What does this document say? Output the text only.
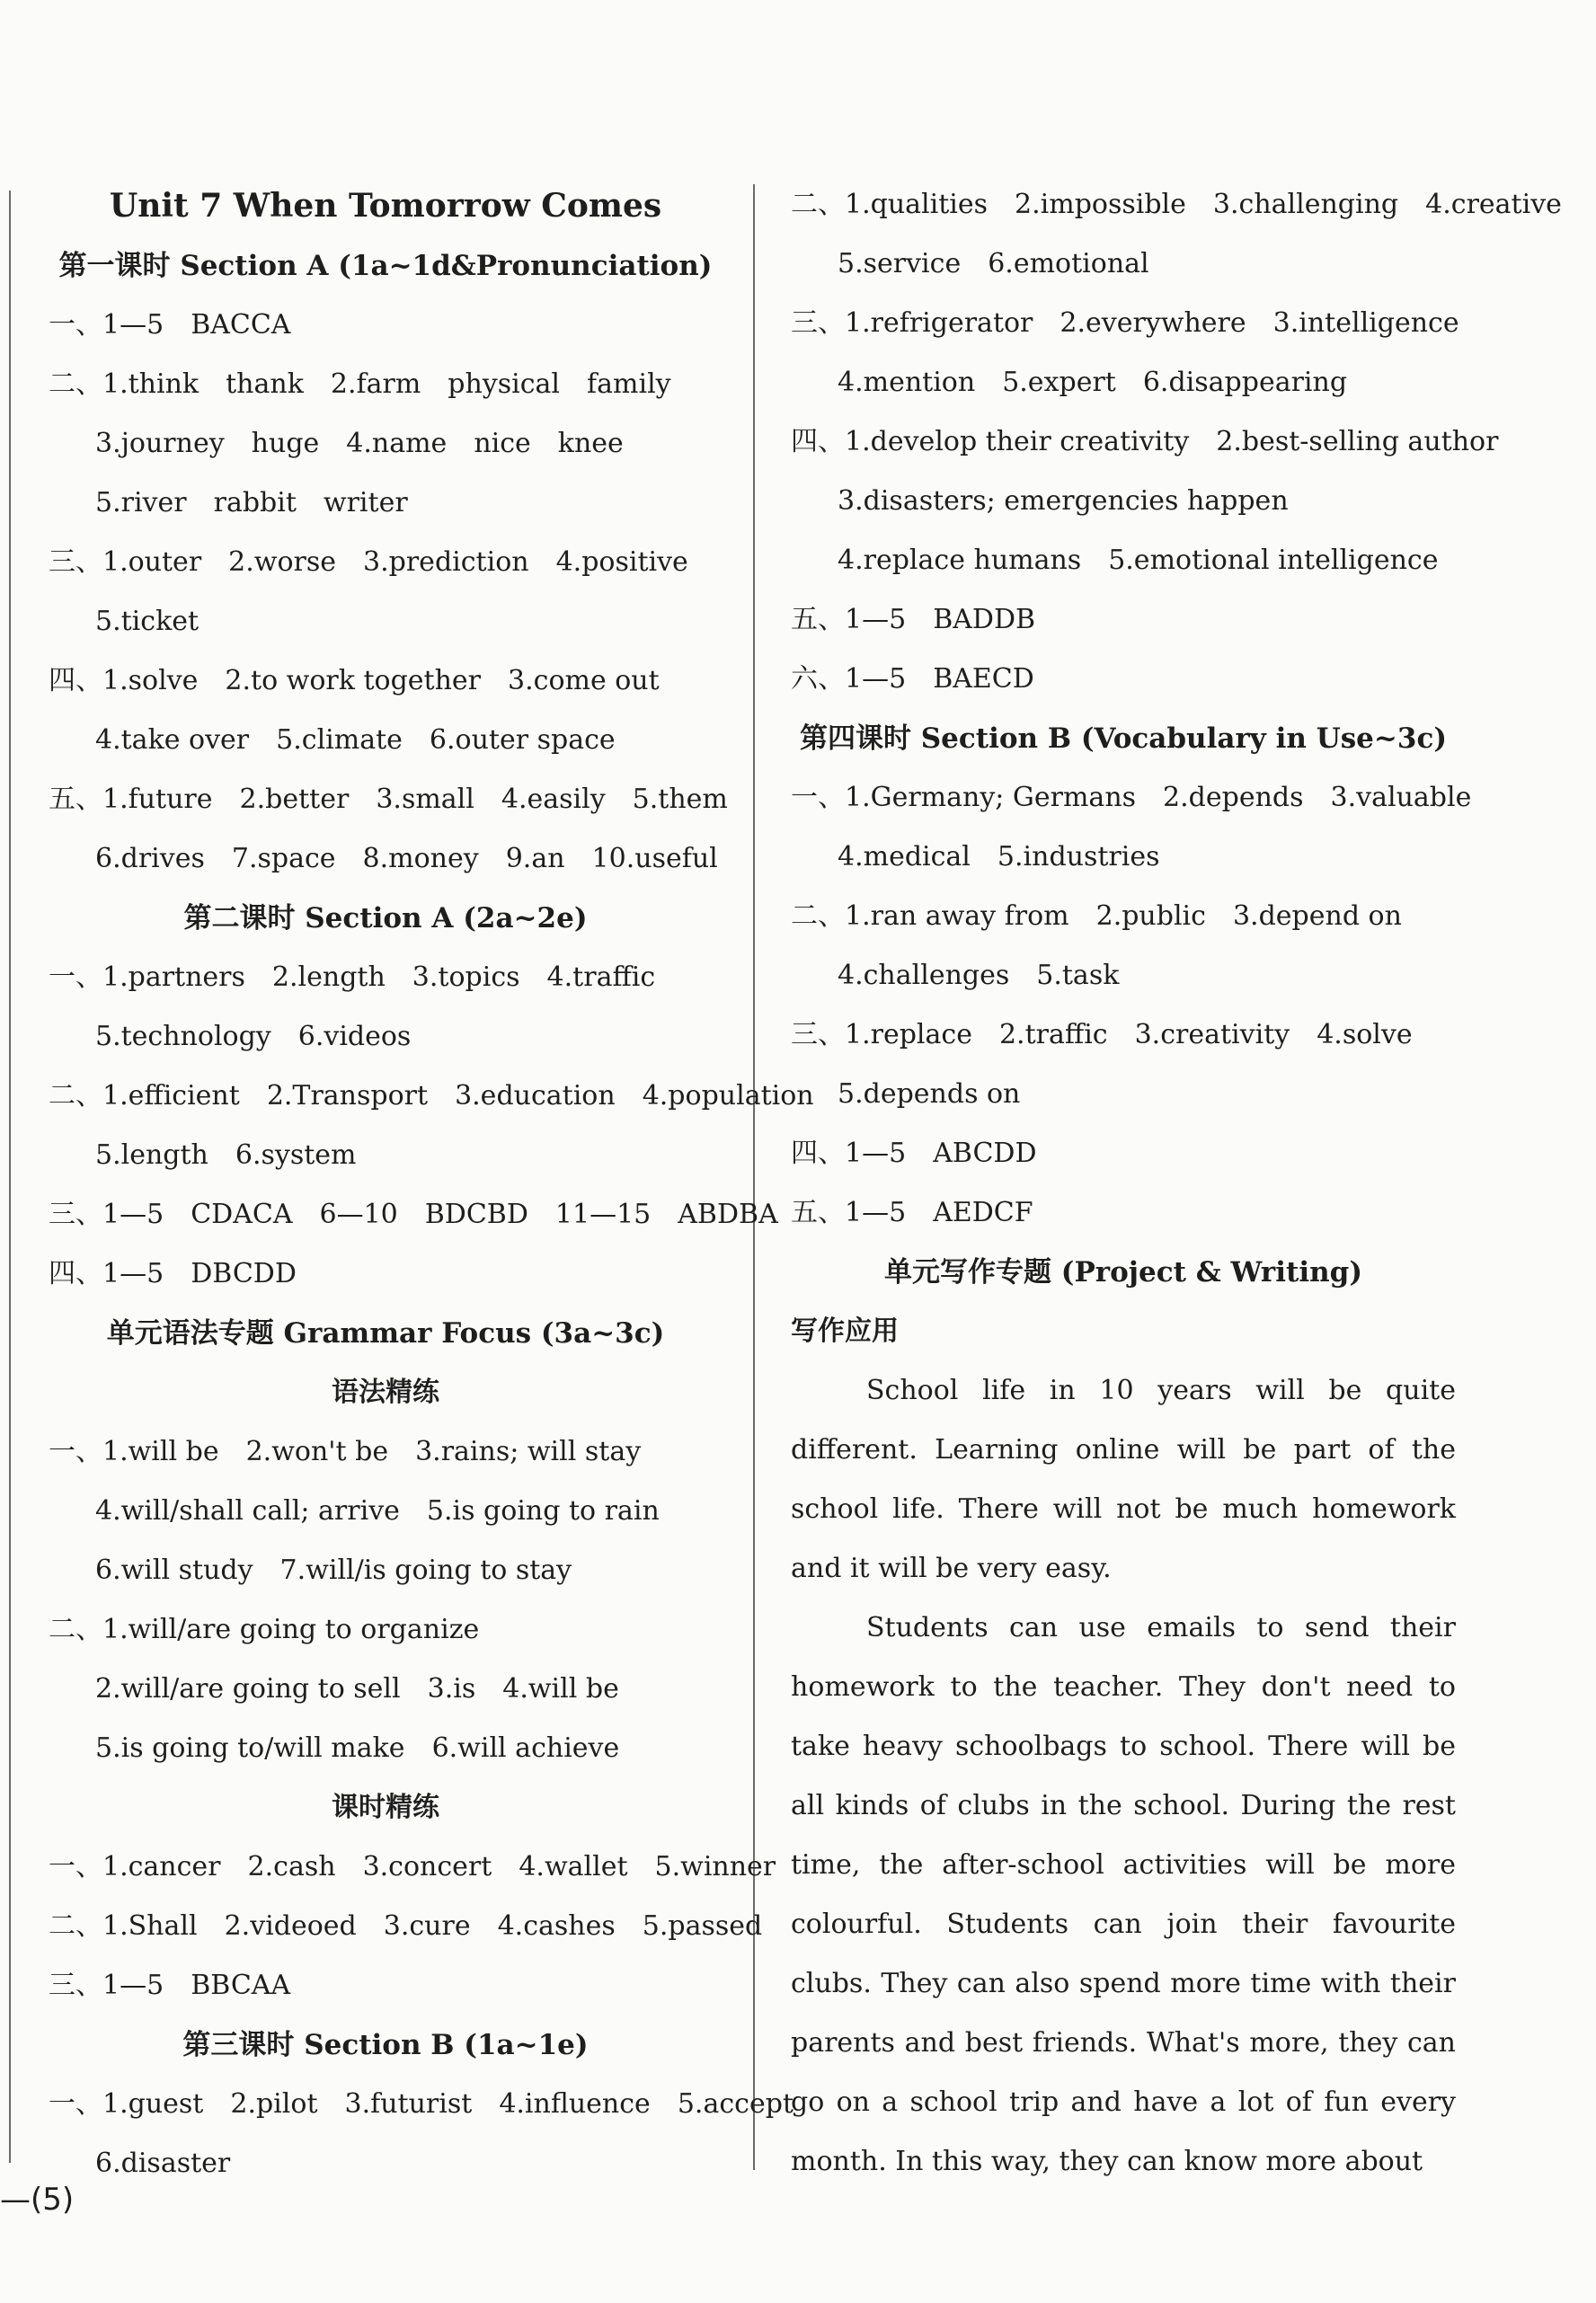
Unit 7 When Tomorrow Comes
第一课时 Section A (1a~1d&Pronunciation)
一、1—5 BACCA
二、1.think thank 2.farm physical family
3.journey huge 4.name nice knee
5.river rabbit writer
三、1.outer 2.worse 3.prediction 4.positive
5.ticket
四、1.solve 2.to work together 3.come out
4.take over 5.climate 6.outer space
五、1.future 2.better 3.small 4.easily 5.them
6.drives 7.space 8.money 9.an 10.useful
第二课时 Section A (2a~2e)
一、1.partners 2.length 3.topics 4.traffic
5.technology 6.videos
二、1.efficient 2.Transport 3.education 4.population
5.length 6.system
三、1—5 CDACA 6—10 BDCBD 11—15 ABDBA
四、1—5 DBCDD
单元语法专题 Grammar Focus (3a~3c)
语法精练
一、1.will be 2.won't be 3.rains; will stay
4.will/shall call; arrive 5.is going to rain
6.will study 7.will/is going to stay
二、1.will/are going to organize
2.will/are going to sell 3.is 4.will be
5.is going to/will make 6.will achieve
课时精练
一、1.cancer 2.cash 3.concert 4.wallet 5.winner
二、1.Shall 2.videoed 3.cure 4.cashes 5.passed
三、1—5 BBCAA
第三课时 Section B (1a~1e)
一、1.guest 2.pilot 3.futurist 4.influence 5.accept
6.disaster
二、1.qualities 2.impossible 3.challenging 4.creative
5.service 6.emotional
三、1.refrigerator 2.everywhere 3.intelligence
4.mention 5.expert 6.disappearing
四、1.develop their creativity 2.best-selling author
3.disasters; emergencies happen
4.replace humans 5.emotional intelligence
五、1—5 BADDB
六、1—5 BAECD
第四课时 Section B (Vocabulary in Use~3c)
一、1.Germany; Germans 2.depends 3.valuable
4.medical 5.industries
二、1.ran away from 2.public 3.depend on
4.challenges 5.task
三、1.replace 2.traffic 3.creativity 4.solve
5.depends on
四、1—5 ABCDD
五、1—5 AEDCF
单元写作专题 (Project & Writing)
写作应用

School life in 10 years will be quite different. Learning online will be part of the school life. There will not be much homework and it will be very easy.

Students can use emails to send their homework to the teacher. They don't need to take heavy schoolbags to school. There will be all kinds of clubs in the school. During the rest time, the after-school activities will be more colourful. Students can join their favourite clubs. They can also spend more time with their parents and best friends. What's more, they can go on a school trip and have a lot of fun every month. In this way, they can know more about

—(5)
